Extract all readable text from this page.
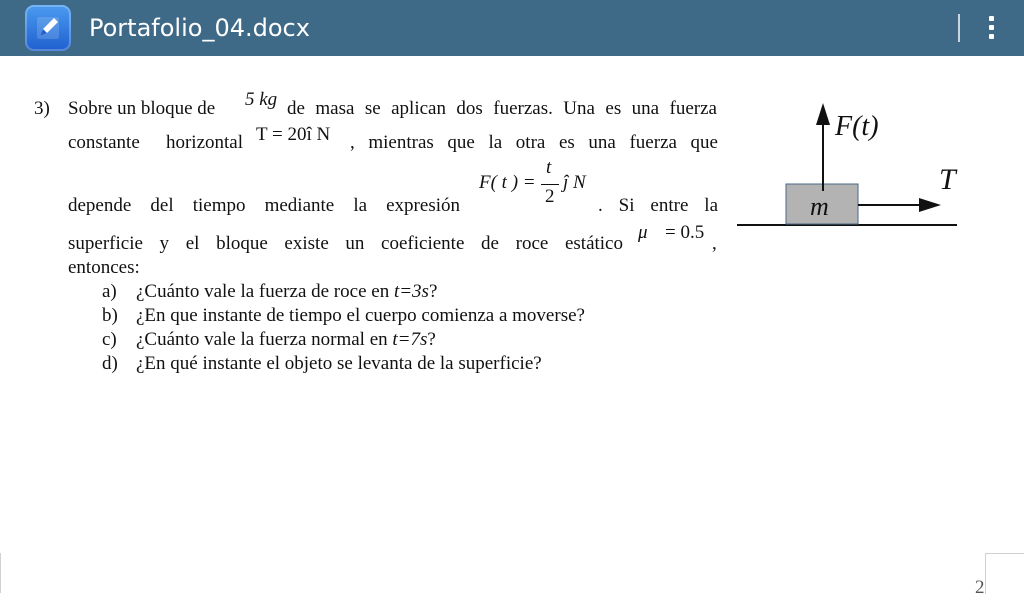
Portafolio_04.docx
3) Sobre un bloque de 5 kg de masa se aplican dos fuerzas. Una es una fuerza
constante horizontal T = 20î N , mientras que la otra es una fuerza que
depende del tiempo mediante la expresión
F( t ) =
t
2
ĵ N
. Si entre la
superficie y el bloque existe un coeficiente de roce estático
μ = 0.5
,
entonces:
a) ¿Cuánto vale la fuerza de roce en t=3s?
b) ¿En que instante de tiempo el cuerpo comienza a moverse?
c) ¿Cuánto vale la fuerza normal en t=7s?
d) ¿En qué instante el objeto se levanta de la superficie?
F(t)
T
m
2
